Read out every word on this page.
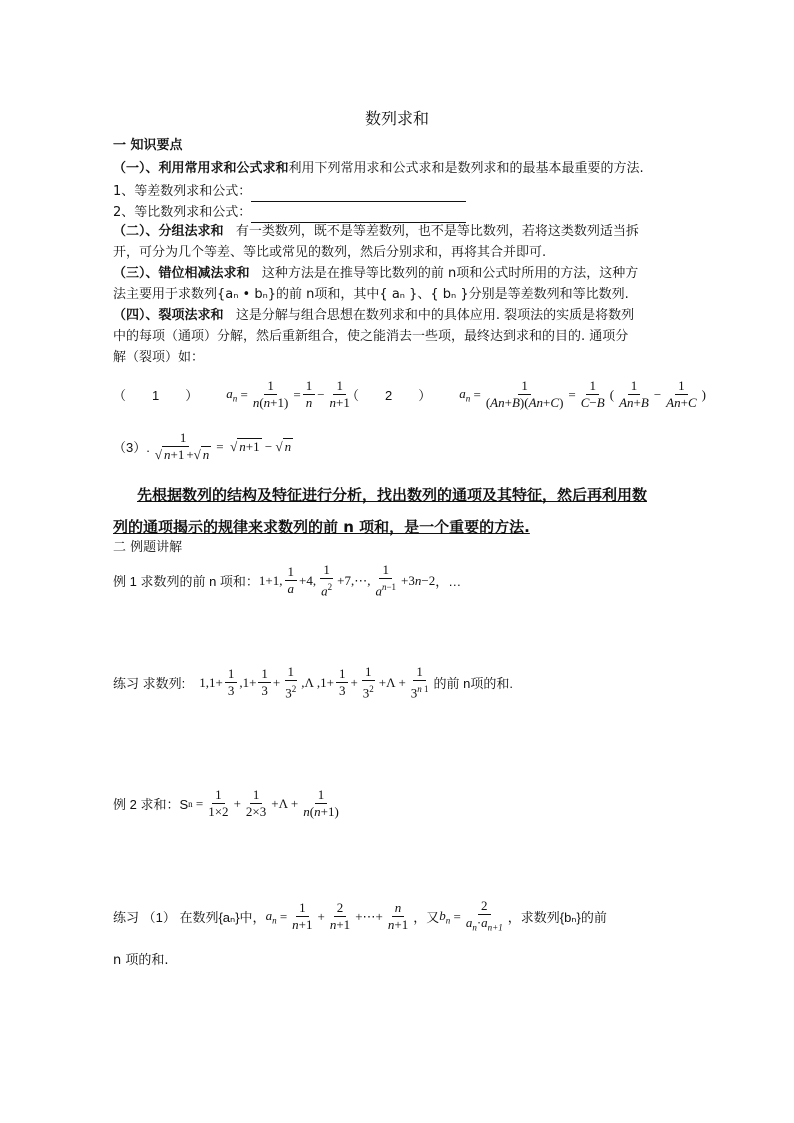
数列求和
一 知识要点
（一）、利用常用求和公式求和利用下列常用求和公式求和是数列求和的最基本最重要的方法.
1、等差数列求和公式：
2、等比数列求和公式：
（二）、分组法求和 有一类数列，既不是等差数列，也不是等比数列，若将这类数列适当拆
开，可分为几个等差、等比或常见的数列，然后分别求和，再将其合并即可.
（三）、错位相减法求和 这种方法是在推导等比数列的前 n项和公式时所用的方法，这种方
法主要用于求数列{aₙ • bₙ}的前 n项和，其中{ aₙ }、{ bₙ }分别是等差数列和等比数列.
（四）、裂项法求和 这是分解与组合思想在数列求和中的具体应用. 裂项法的实质是将数列
中的每项（通项）分解，然后重新组合，使之能消去一些项，最终达到求和的目的. 通项分
解（裂项）如：
（　　1　　） $a_n = \frac{1}{n(n+1)} = \frac{1}{n} - \frac{1}{n+1}$
（　　2　　） $a_n = \frac{1}{(An+B)(An+C)} = \frac{1}{C-B}$ ( $\frac{1}{An+B} - \frac{1}{An+C}$ )
（3）. $\frac{1}{√ n+1 +√ n}$ =  √ n+1 − √ n
先根据数列的结构及特征进行分析，找出数列的通项及其特征，然后再利用数
列的通项揭示的规律来求数列的前 n 项和，是一个重要的方法.
二 例题讲解
例 1 求数列的前 n 项和： 1+1, $\frac{1}{a} +4$, $\frac{1}{a^2}$ +7,⋯, $\frac{1}{a^{n-1}} +3n-2$ ，…
练习 求数列: $1,1+ \frac{1}{3} ,1+ \frac{1}{3} + \frac{1}{3^2} ,\Lambda$ $,1+ \frac{1}{3} + \frac{1}{3^2} +\Lambda + \frac{1}{3^{n 1}}$ 的前 n项的和.
例 2 求和：S $n = \frac{1}{1\times 2} + \frac{1}{2\times 3} +\Lambda + \frac{1}{n(n+1)}$
练习 （1） 在数列{aₙ}中， $a_n = \frac{1}{n+1} + \frac{2}{n+1}$ +⋯+ $\frac{n}{n+1}$ ，又 $b_n = \frac{2}{a_n\cdot a_{n+1}}$ ，求数列{bₙ}的前
n 项的和.
